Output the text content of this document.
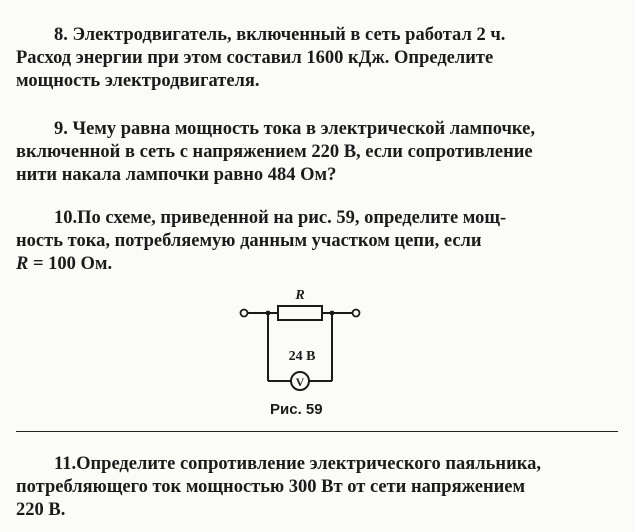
8. Электродвигатель, включенный в сеть работал 2 ч.

Расход энергии при этом составил 1600 кДж. Определите

мощность электродвигателя.

9. Чему равна мощность тока в электрической лампочке,

включенной в сеть с напряжением 220 В, если сопротивление

нити накала лампочки равно 484 Ом?

10.По схеме, приведенной на рис. 59, определите мощ-

ность тока, потребляемую данным участком цепи, если

R = 100 Ом.

V
R
24 В
Рис. 59

11.Определите сопротивление электрического паяльника,

потребляющего ток мощностью 300 Вт от сети напряжением

220 В.
